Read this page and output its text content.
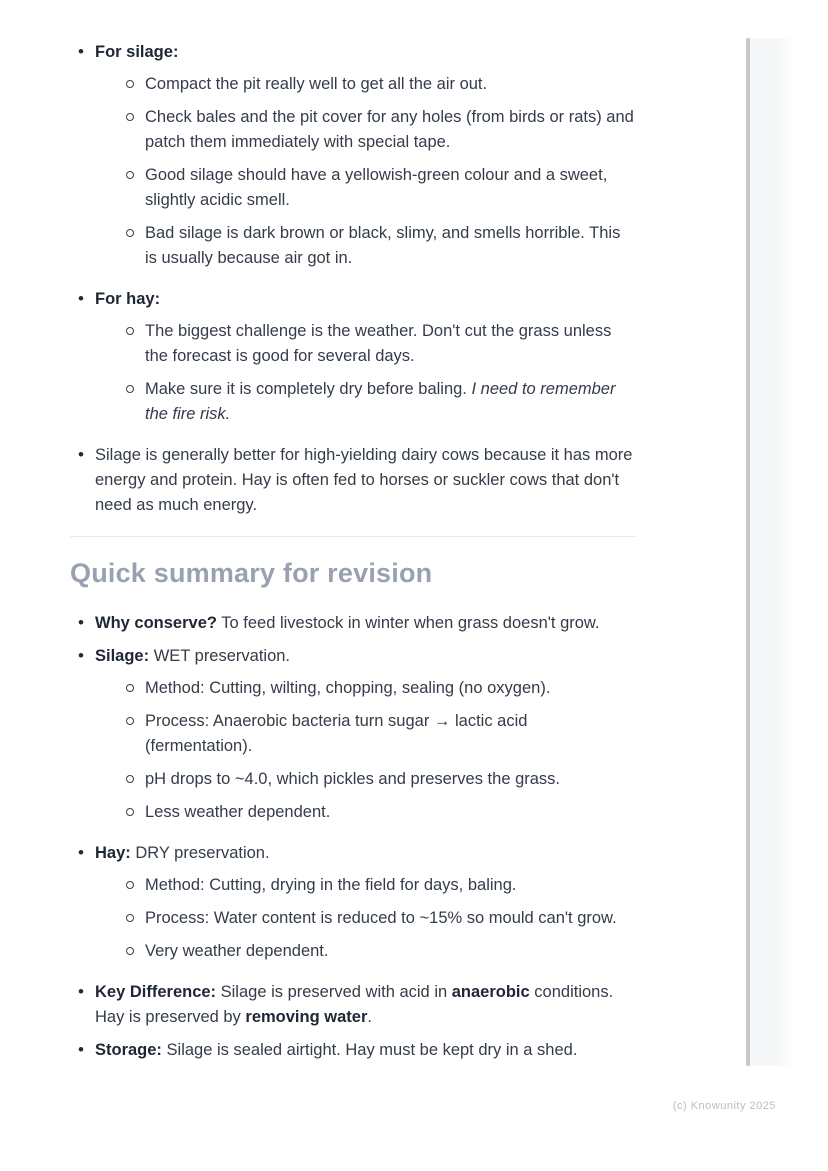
• For silage:
Compact the pit really well to get all the air out.
Check bales and the pit cover for any holes (from birds or rats) and patch them immediately with special tape.
Good silage should have a yellowish-green colour and a sweet, slightly acidic smell.
Bad silage is dark brown or black, slimy, and smells horrible. This is usually because air got in.
• For hay:
The biggest challenge is the weather. Don't cut the grass unless the forecast is good for several days.
Make sure it is completely dry before baling. I need to remember the fire risk.
• Silage is generally better for high-yielding dairy cows because it has more energy and protein. Hay is often fed to horses or suckler cows that don't need as much energy.
Quick summary for revision
• Why conserve? To feed livestock in winter when grass doesn't grow.
• Silage: WET preservation.
Method: Cutting, wilting, chopping, sealing (no oxygen).
Process: Anaerobic bacteria turn sugar → lactic acid (fermentation).
pH drops to ~4.0, which pickles and preserves the grass.
Less weather dependent.
• Hay: DRY preservation.
Method: Cutting, drying in the field for days, baling.
Process: Water content is reduced to ~15% so mould can't grow.
Very weather dependent.
• Key Difference: Silage is preserved with acid in anaerobic conditions. Hay is preserved by removing water.
• Storage: Silage is sealed airtight. Hay must be kept dry in a shed.
(c) Knowunity 2025
